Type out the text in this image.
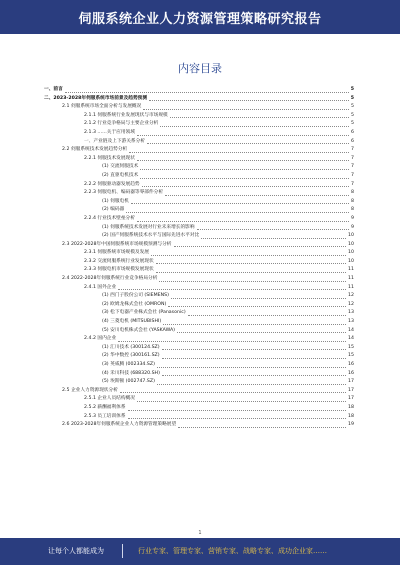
伺服系统企业人力资源管理策略研究报告
内容目录
一、前言	5
二、2023-2028年伺服系统市场前景及趋势预测	5
2.1 伺服系统市场全面分析与发展概况	5
2.1.1 伺服系统行业发展现状与市场规模	5
2.1.2 行业竞争格局与主要企业分析	5
2.1.3 ……关于应用领域	6
一、产业链及上下游关系分析	6
2.2 伺服系统技术发展趋势分析	7
2.2.1 伺服技术发展现状	7
(1) 交流伺服技术	7
(2) 直驱电机技术	7
2.2.2 伺服驱动器发展趋势	7
2.2.3 伺服电机、编码器等零部件分析	8
(1) 伺服电机	8
(2) 编码器	8
2.2.4 行业技术壁垒分析	9
(1) 伺服系统技术发展对行业未来增长的影响	9
(2) 国产伺服系统技术水平与国际先进水平对比	10
2.3 2022-2028年中国伺服系统市场规模预测与分析	10
2.3.1 伺服系统市场规模及发展	10
2.3.2 交流伺服系统行业发展现状	10
2.3.3 伺服电机市场规模发展现状	11
2.4 2022-2028年伺服系统行业竞争格局分析	11
2.4.1 国外企业	11
(1) 西门子股份公司 (SIEMENS)	12
(2) 欧姆龙株式会社 (OMRON)	12
(3) 松下电器产业株式会社 (Panasonic)	13
(4) 三菱电机 (MITSUBISHI)	13
(5) 安川电机株式会社 (YASKAWA)	14
2.4.2 国内企业	14
(1) 汇川技术 (300124.SZ)	15
(2) 华中数控 (300161.SZ)	15
(3) 英威腾 (002334.SZ)	16
(4) 禾川科技 (688320.SH)	16
(5) 埃斯顿 (002747.SZ)	17
2.5 企业人力资源现状分析	17
2.5.1 企业人员结构概况	17
2.5.2 薪酬福利体系	18
2.5.3 员工培训体系	18
2.6 2023-2028年伺服系统企业人力资源管理策略展望	19
1
让每个人都能成为	行业专家、管理专家、营销专家、战略专家、成功企业家……
